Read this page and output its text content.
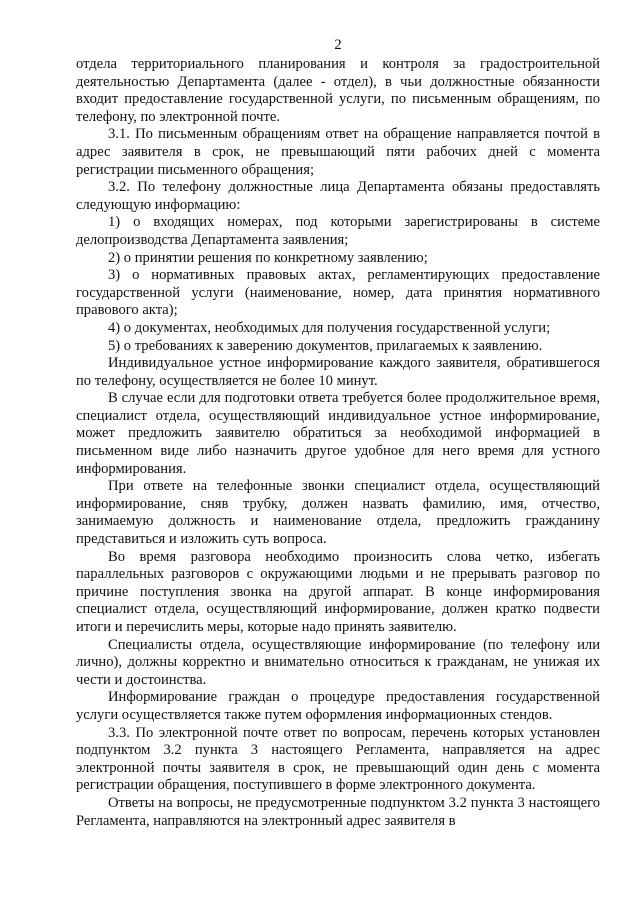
2

отдела территориального планирования и контроля за градостроительной деятельностью Департамента (далее - отдел), в чьи должностные обязанности входит предоставление государственной услуги, по письменным обращениям, по телефону, по электронной почте.

3.1. По письменным обращениям ответ на обращение направляется почтой в адрес заявителя в срок, не превышающий пяти рабочих дней с момента регистрации письменного обращения;

3.2. По телефону должностные лица Департамента обязаны предоставлять следующую информацию:

1) о входящих номерах, под которыми зарегистрированы в системе делопроизводства Департамента заявления;

2) о принятии решения по конкретному заявлению;

3) о нормативных правовых актах, регламентирующих предоставление государственной услуги (наименование, номер, дата принятия нормативного правового акта);

4) о документах, необходимых для получения государственной услуги;

5) о требованиях к заверению документов, прилагаемых к заявлению.

Индивидуальное устное информирование каждого заявителя, обратившегося по телефону, осуществляется не более 10 минут.

В случае если для подготовки ответа требуется более продолжительное время, специалист отдела, осуществляющий индивидуальное устное информирование, может предложить заявителю обратиться за необходимой информацией в письменном виде либо назначить другое удобное для него время для устного информирования.

При ответе на телефонные звонки специалист отдела, осуществляющий информирование, сняв трубку, должен назвать фамилию, имя, отчество, занимаемую должность и наименование отдела, предложить гражданину представиться и изложить суть вопроса.

Во время разговора необходимо произносить слова четко, избегать параллельных разговоров с окружающими людьми и не прерывать разговор по причине поступления звонка на другой аппарат. В конце информирования специалист отдела, осуществляющий информирование, должен кратко подвести итоги и перечислить меры, которые надо принять заявителю.

Специалисты отдела, осуществляющие информирование (по телефону или лично), должны корректно и внимательно относиться к гражданам, не унижая их чести и достоинства.

Информирование граждан о процедуре предоставления государственной услуги осуществляется также путем оформления информационных стендов.

3.3. По электронной почте ответ по вопросам, перечень которых установлен подпунктом 3.2 пункта 3 настоящего Регламента, направляется на адрес электронной почты заявителя в срок, не превышающий один день с момента регистрации обращения, поступившего в форме электронного документа.

Ответы на вопросы, не предусмотренные подпунктом 3.2 пункта 3 настоящего Регламента, направляются на электронный адрес заявителя в
